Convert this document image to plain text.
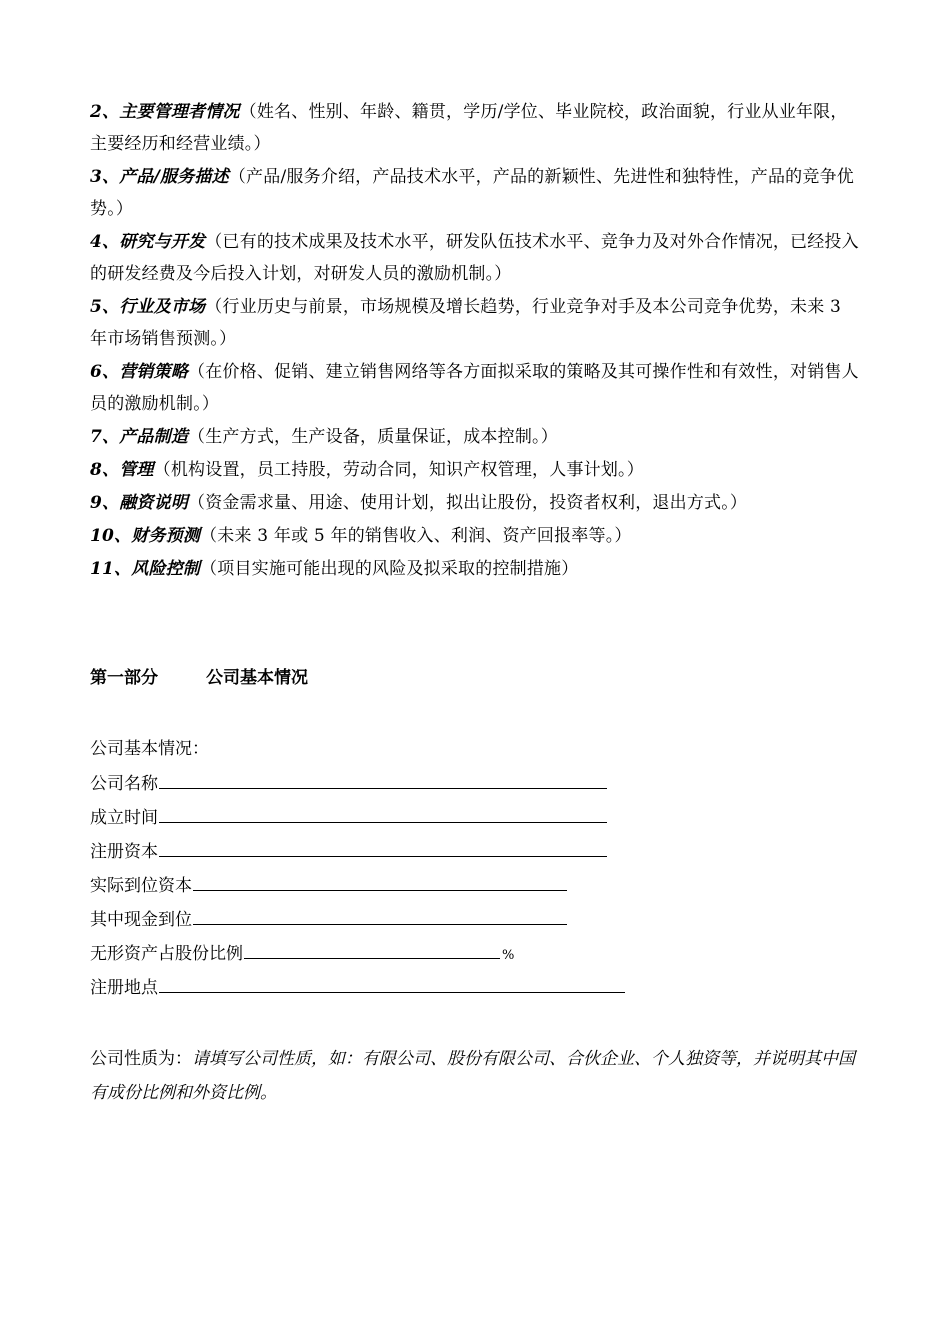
2、主要管理者情况（姓名、性别、年龄、籍贯，学历/学位、毕业院校，政治面貌，行业从业年限，主要经历和经营业绩。）
3、产品/服务描述（产品/服务介绍，产品技术水平，产品的新颖性、先进性和独特性，产品的竞争优势。）
4、研究与开发（已有的技术成果及技术水平，研发队伍技术水平、竞争力及对外合作情况，已经投入的研发经费及今后投入计划，对研发人员的激励机制。）
5、行业及市场（行业历史与前景，市场规模及增长趋势，行业竞争对手及本公司竞争优势，未来 3 年市场销售预测。）
6、营销策略（在价格、促销、建立销售网络等各方面拟采取的策略及其可操作性和有效性，对销售人员的激励机制。）
7、产品制造（生产方式，生产设备，质量保证，成本控制。）
8、管理（机构设置，员工持股，劳动合同，知识产权管理，人事计划。）
9、融资说明（资金需求量、用途、使用计划，拟出让股份，投资者权利，退出方式。）
10、财务预测（未来 3 年或 5 年的销售收入、利润、资产回报率等。）
11、风险控制（项目实施可能出现的风险及拟采取的控制措施）
第一部分	公司基本情况
公司基本情况：
公司名称
成立时间
注册资本
实际到位资本
其中现金到位
无形资产占股份比例	%
注册地点
公司性质为：请填写公司性质，如：有限公司、股份有限公司、合伙企业、个人独资等，并说明其中国有成份比例和外资比例。
